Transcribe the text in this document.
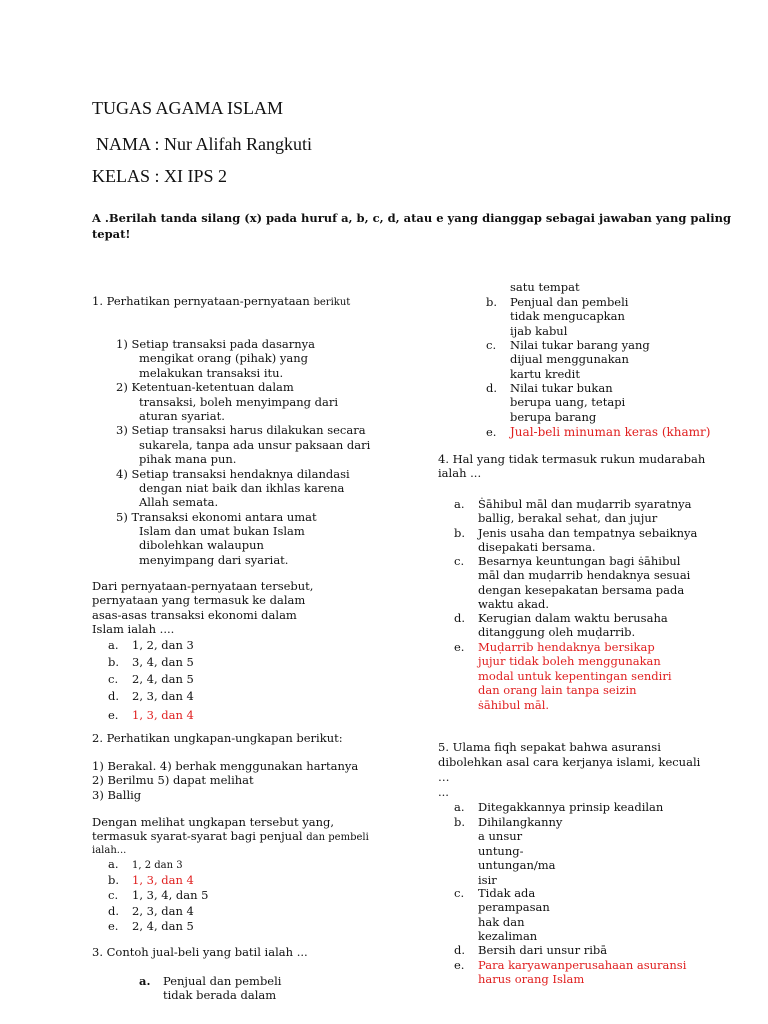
TUGAS AGAMA ISLAM
NAMA : Nur Alifah Rangkuti
KELAS : XI IPS 2
A .Berilah tanda silang (x) pada huruf a, b, c, d, atau e yang dianggap sebagai jawaban yang paling
tepat!
1. Perhatikan pernyataan-pernyataan berikut
1) Setiap transaksi pada dasarnya
mengikat orang (pihak) yang
melakukan transaksi itu.
2) Ketentuan-ketentuan dalam
transaksi, boleh menyimpang dari
aturan syariat.
3) Setiap transaksi harus dilakukan secara
sukarela, tanpa ada unsur paksaan dari
pihak mana pun.
4) Setiap transaksi hendaknya dilandasi
dengan niat baik dan ikhlas karena
Allah semata.
5) Transaksi ekonomi antara umat
Islam dan umat bukan Islam
dibolehkan walaupun
menyimpang dari syariat.
Dari pernyataan-pernyataan tersebut,
pernyataan yang termasuk ke dalam
asas-asas transaksi ekonomi dalam
Islam ialah ....
a. 1, 2, dan 3
b. 3, 4, dan 5
c. 2, 4, dan 5
d. 2, 3, dan 4
e. 1, 3, dan 4
2. Perhatikan ungkapan-ungkapan berikut:
1) Berakal. 4) berhak menggunakan hartanya
2) Berilmu 5) dapat melihat
3) Ballig
Dengan melihat ungkapan tersebut yang,
termasuk syarat-syarat bagi penjual dan pembeli
ialah...
a. 1, 2 dan 3
b. 1, 3, dan 4
c. 1, 3, 4, dan 5
d. 2, 3, dan 4
e. 2, 4, dan 5
3. Contoh jual-beli yang batil ialah ...
a. Penjual dan pembeli
tidak berada dalam
satu tempat
b. Penjual dan pembeli
tidak mengucapkan
ijab kabul
c. Nilai tukar barang yang
dijual menggunakan
kartu kredit
d. Nilai tukar bukan
berupa uang, tetapi
berupa barang
e. Jual-beli minuman keras (khamr)
4. Hal yang tidak termasuk rukun mudarabah
ialah ...
a. Ṡāhibul māl dan muḍarrib syaratnya
ballig, berakal sehat, dan jujur
b. Jenis usaha dan tempatnya sebaiknya
disepakati bersama.
c. Besarnya keuntungan bagi ṡāhibul
māl dan muḍarrib hendaknya sesuai
dengan kesepakatan bersama pada
waktu akad.
d. Kerugian dalam waktu berusaha
ditanggung oleh muḍarrib.
e. Muḍarrib hendaknya bersikap
jujur tidak boleh menggunakan
modal untuk kepentingan sendiri
dan orang lain tanpa seizin
ṡāhibul māl.
5. Ulama fiqh sepakat bahwa asuransi
dibolehkan asal cara kerjanya islami, kecuali
…
...
a. Ditegakkannya prinsip keadilan
b. Dihilangkanny
a unsur
untung-
untungan/ma
isir
c. Tidak ada
perampasan
hak dan
kezaliman
d. Bersih dari unsur ribā
e. Para karyawanperusahaan asuransi
harus orang Islam
